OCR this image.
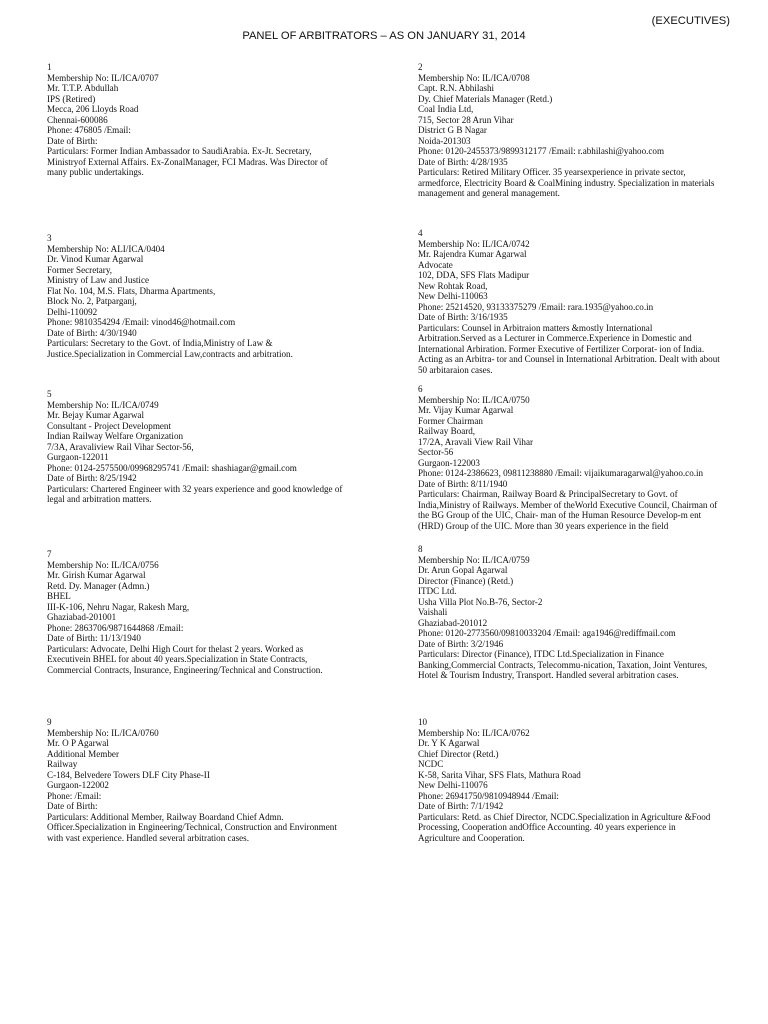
(EXECUTIVES)
PANEL OF ARBITRATORS – AS ON JANUARY 31, 2014
1
Membership No: IL/ICA/0707
Mr. T.T.P. Abdullah
IPS (Retired)
Mecca, 206 Lloyds Road
Chennai-600086
Phone: 476805 /Email:
Date of Birth:
Particulars: Former Indian Ambassador to SaudiArabia. Ex-Jt. Secretary,
Ministryof External Affairs. Ex-ZonalManager, FCI Madras. Was Director of
many public undertakings.
2
Membership No: IL/ICA/0708
Capt. R.N. Abhilashi
Dy. Chief Materials Manager (Retd.)
Coal India Ltd,
715, Sector 28 Arun Vihar
District G B Nagar
Noida-201303
Phone: 0120-2455373/9899312177 /Email: r.abhilashi@yahoo.com
Date of Birth: 4/28/1935
Particulars: Retired Military Officer. 35 yearsexperience in private sector,
armedforce, Electricity Board & CoalMining industry. Specialization in materials
management and general management.
3
Membership No: ALI/ICA/0404
Dr. Vinod Kumar Agarwal
Former Secretary,
Ministry of Law and Justice
Flat No. 104, M.S. Flats, Dharma Apartments,
Block No. 2, Patparganj,
Delhi-110092
Phone: 9810354294 /Email: vinod46@hotmail.com
Date of Birth: 4/30/1940
Particulars: Secretary to the Govt. of India,Ministry of Law &
Justice.Specialization in Commercial Law,contracts and arbitration.
4
Membership No: IL/ICA/0742
Mr. Rajendra Kumar Agarwal
Advocate
102, DDA, SFS Flats Madipur
New Rohtak Road,
New Delhi-110063
Phone: 25214520, 93133375279 /Email: rara.1935@yahoo.co.in
Date of Birth: 3/16/1935
Particulars: Counsel in Arbitraion matters &mostly International
Arbitration.Served as a Lecturer in Commerce.Experience in Domestic and
International Arbiration. Former Executive of Fertilizer Corporat- ion of India.
Acting as an Arbitra- tor and Counsel in International Arbitration. Dealt with about
50 arbitaraion cases.
5
Membership No: IL/ICA/0749
Mr. Bejay Kumar Agarwal
Consultant - Project Development
Indian Railway Welfare Organization
7/3A, Aravaliview Rail Vihar Sector-56,
Gurgaon-122011
Phone: 0124-2575500/09968295741 /Email: shashiagar@gmail.com
Date of Birth: 8/25/1942
Particulars: Chartered Engineer with 32 years experience and good knowledge of
legal and arbitration matters.
6
Membership No: IL/ICA/0750
Mr. Vijay Kumar Agarwal
Former Chairman
Railway Board,
17/2A, Aravali View Rail Vihar
Sector-56
Gurgaon-122003
Phone: 0124-2386623, 09811238880 /Email: vijaikumaragarwal@yahoo.co.in
Date of Birth: 8/11/1940
Particulars: Chairman, Railway Board & PrincipalSecretary to Govt. of
India,Ministry of Railways. Member of theWorld Executive Council, Chairman of
the BG Group of the UIC, Chair- man of the Human Resource Develop-m ent
(HRD) Group of the UIC. More than 30 years experience in the field
7
Membership No: IL/ICA/0756
Mr. Girish Kumar Agarwal
Retd. Dy. Manager (Admn.)
BHEL
III-K-106, Nehru Nagar, Rakesh Marg,
Ghaziabad-201001
Phone: 2863706/9871644868 /Email:
Date of Birth: 11/13/1940
Particulars: Advocate, Delhi High Court for thelast 2 years. Worked as
Executivein BHEL for about 40 years.Specialization in State Contracts,
Commercial Contracts, Insurance, Engineering/Technical and Construction.
8
Membership No: IL/ICA/0759
Dr. Arun Gopal Agarwal
Director (Finance) (Retd.)
ITDC Ltd.
Usha Villa Plot No.B-76, Sector-2
Vaishali
Ghaziabad-201012
Phone: 0120-2773560/09810033204 /Email: aga1946@rediffmail.com
Date of Birth: 3/2/1946
Particulars: Director (Finance), ITDC Ltd.Specialization in Finance
Banking,Commercial Contracts, Telecommu-nication, Taxation, Joint Ventures,
Hotel & Tourism Industry, Transport. Handled several arbitration cases.
9
Membership No: IL/ICA/0760
Mr. O P Agarwal
Additional Member
Railway
C-184, Belvedere Towers DLF City Phase-II
Gurgaon-122002
Phone: /Email:
Date of Birth:
Particulars: Additional Member, Railway Boardand Chief Admn.
Officer.Specialization in Engineering/Technical, Construction and Environment
with vast experience. Handled several arbitration cases.
10
Membership No: IL/ICA/0762
Dr. Y K Agarwal
Chief Director (Retd.)
NCDC
K-58, Sarita Vihar, SFS Flats, Mathura Road
New Delhi-110076
Phone: 26941750/9810948944 /Email:
Date of Birth: 7/1/1942
Particulars: Retd. as Chief Director, NCDC.Specialization in Agriculture &Food
Processing, Cooperation andOffice Accounting. 40 years experience in
Agriculture and Cooperation.
